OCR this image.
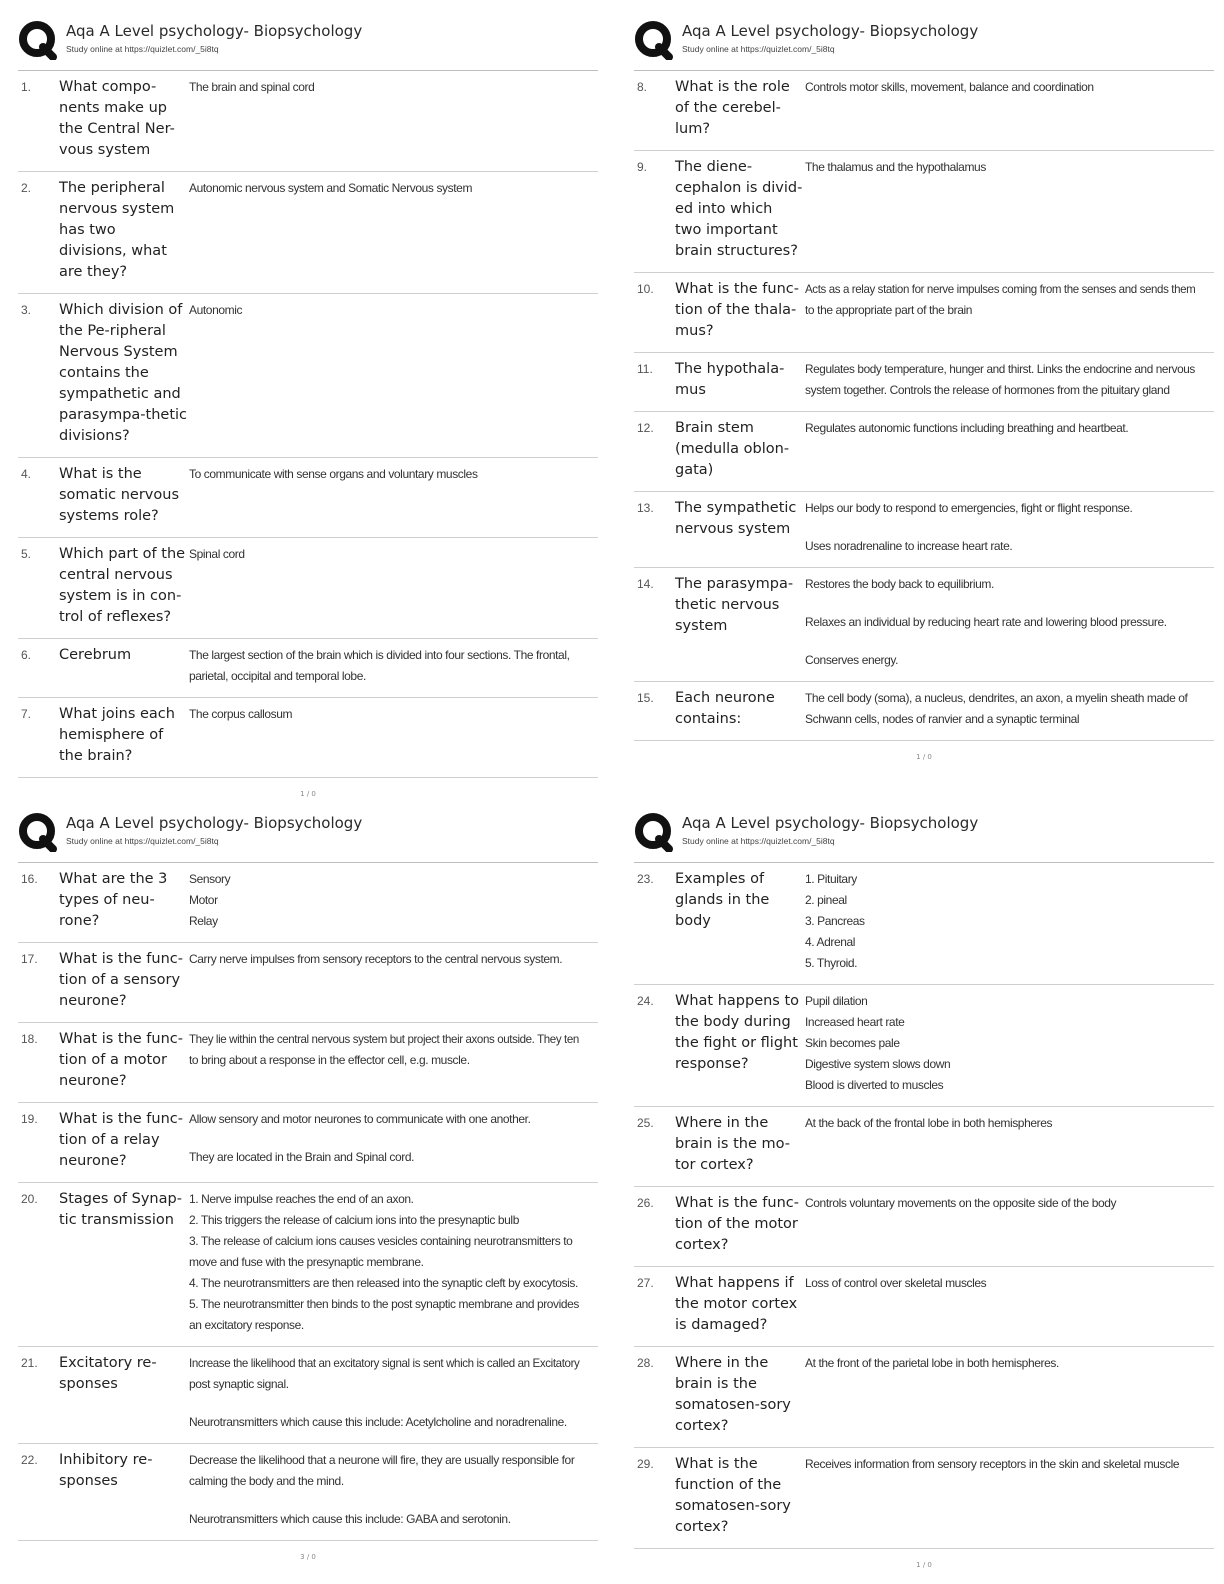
Aqa A Level psychology- Biopsychology
Study online at https://quizlet.com/_5i8tq
1.	What compo-nents make up the Central Ner-vous system
The brain and spinal cord
2.	The peripheral nervous system has two divisions, what are they?
Autonomic nervous system and Somatic Nervous system
3.	Which division of the Pe-ripheral Nervous System contains the sympathetic and parasympa-thetic divisions?
Autonomic
4.	What is the somatic nervous systems role?
To communicate with sense organs and voluntary muscles
5.	Which part of the central nervous system is in con-trol of reflexes?
Spinal cord
6.	Cerebrum	The largest section of the brain which is divided into four sections. The frontal,
parietal, occipital and temporal lobe.
7.	What joins each hemisphere of the brain?
The corpus callosum
1 / 0
Aqa A Level psychology- Biopsychology
Study online at https://quizlet.com/_5i8tq
8.	What is the role of the cerebel-lum?
Controls motor skills, movement, balance and coordination
9.	The diene-cephalon is divid-ed into which two important brain structures?
The thalamus and the hypothalamus
10.	What is the func-tion of the thala-mus?
Acts as a relay station for nerve impulses coming from the senses and sends them
to the appropriate part of the brain
11.	The hypothala-mus
Regulates body temperature, hunger and thirst. Links the endocrine and nervous
system together. Controls the release of hormones from the pituitary gland
12.	Brain stem (medulla oblon-gata)
Regulates autonomic functions including breathing and heartbeat.
13.	The sympathetic nervous system
Helps our body to respond to emergencies, fight or flight response.
Uses noradrenaline to increase heart rate.
14.	The parasympa-thetic nervous system
Restores the body back to equilibrium.
Relaxes an individual by reducing heart rate and lowering blood pressure.
Conserves energy.
15.	Each neurone contains:
The cell body (soma), a nucleus, dendrites, an axon, a myelin sheath made of
Schwann cells, nodes of ranvier and a synaptic terminal
1 / 0
Aqa A Level psychology- Biopsychology
Study online at https://quizlet.com/_5i8tq
16.	What are the 3 types of neu-rone?
Sensory
Motor
Relay
17.	What is the func-tion of a sensory neurone?
Carry nerve impulses from sensory receptors to the central nervous system.
18.	What is the func-tion of a motor neurone?
They lie within the central nervous system but project their axons outside. They ten
to bring about a response in the effector cell, e.g. muscle.
19.	What is the func-tion of a relay neurone?
Allow sensory and motor neurones to communicate with one another.
They are located in the Brain and Spinal cord.
20.	Stages of Synap-tic transmission
1. Nerve impulse reaches the end of an axon.
2. This triggers the release of calcium ions into the presynaptic bulb
3. The release of calcium ions causes vesicles containing neurotransmitters to
move and fuse with the presynaptic membrane.
4. The neurotransmitters are then released into the synaptic cleft by exocytosis.
5. The neurotransmitter then binds to the post synaptic membrane and provides
an excitatory response.
21.	Excitatory re-sponses
Increase the likelihood that an excitatory signal is sent which is called an Excitatory
post synaptic signal.
Neurotransmitters which cause this include: Acetylcholine and noradrenaline.
22.	Inhibitory re-sponses
Decrease the likelihood that a neurone will fire, they are usually responsible for
calming the body and the mind.
Neurotransmitters which cause this include: GABA and serotonin.
3 / 0
Aqa A Level psychology- Biopsychology
Study online at https://quizlet.com/_5i8tq
23.	Examples of glands in the body
1. Pituitary
2. pineal
3. Pancreas
4. Adrenal
5. Thyroid.
24.	What happens to the body during the fight or flight response?
Pupil dilation
Increased heart rate
Skin becomes pale
Digestive system slows down
Blood is diverted to muscles
25.	Where in the brain is the mo-tor cortex?
At the back of the frontal lobe in both hemispheres
26.	What is the func-tion of the motor cortex?
Controls voluntary movements on the opposite side of the body
27.	What happens if the motor cortex is damaged?
Loss of control over skeletal muscles
28.	Where in the brain is the somatosen-sory cortex?
At the front of the parietal lobe in both hemispheres.
29.	What is the function of the somatosen-sory cortex?
Receives information from sensory receptors in the skin and skeletal muscle
1 / 0
